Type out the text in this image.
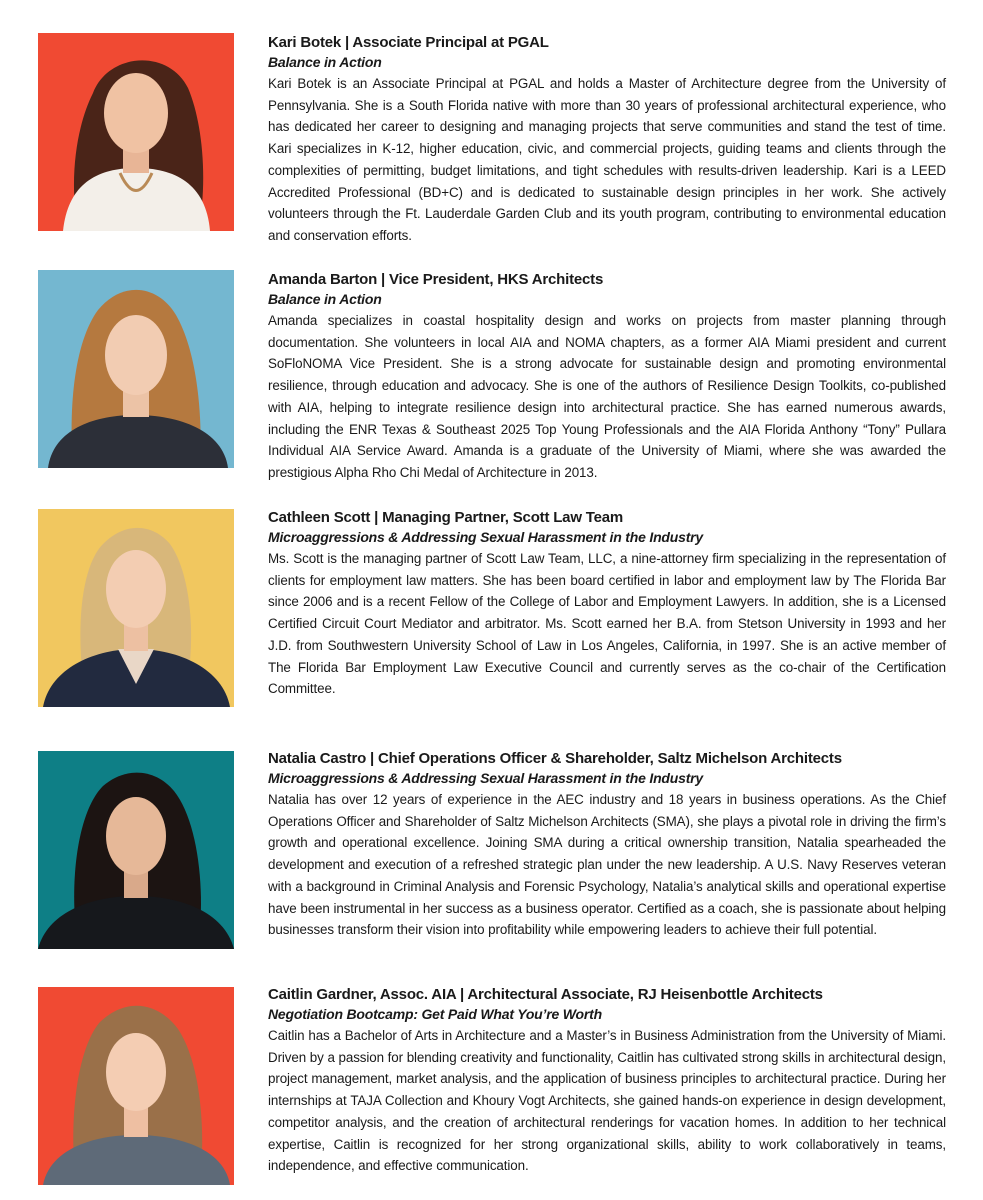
Kari Botek | Associate Principal at PGAL

Balance in Action

Kari Botek is an Associate Principal at PGAL and holds a Master of Architecture degree from the University of Pennsylvania. She is a South Florida native with more than 30 years of professional architectural experience, who has dedicated her career to designing and managing projects that serve communities and stand the test of time. Kari specializes in K-12, higher education, civic, and commercial projects, guiding teams and clients through the complexities of permitting, budget limitations, and tight schedules with results-driven leadership. Kari is a LEED Accredited Professional (BD+C) and is dedicated to sustainable design principles in her work. She actively volunteers through the Ft. Lauderdale Garden Club and its youth program, contributing to environmental education and conservation efforts.

Amanda Barton | Vice President, HKS Architects

Balance in Action

Amanda specializes in coastal hospitality design and works on projects from master planning through documentation. She volunteers in local AIA and NOMA chapters, as a former AIA Miami president and current SoFloNOMA Vice President. She is a strong advocate for sustainable design and promoting environmental resilience, through education and advocacy. She is one of the authors of Resilience Design Toolkits, co-published with AIA, helping to integrate resilience design into architectural practice. She has earned numerous awards, including the ENR Texas & Southeast 2025 Top Young Professionals and the AIA Florida Anthony “Tony” Pullara Individual AIA Service Award. Amanda is a graduate of the University of Miami, where she was awarded the prestigious Alpha Rho Chi Medal of Architecture in 2013.

Cathleen Scott | Managing Partner, Scott Law Team

Microaggressions & Addressing Sexual Harassment in the Industry

Ms. Scott is the managing partner of Scott Law Team, LLC, a nine-attorney firm specializing in the representation of clients for employment law matters. She has been board certified in labor and employment law by The Florida Bar since 2006 and is a recent Fellow of the College of Labor and Employment Lawyers. In addition, she is a Licensed Certified Circuit Court Mediator and arbitrator. Ms. Scott earned her B.A. from Stetson University in 1993 and her J.D. from Southwestern University School of Law in Los Angeles, California, in 1997. She is an active member of The Florida Bar Employment Law Executive Council and currently serves as the co-chair of the Certification Committee.

Natalia Castro | Chief Operations Officer & Shareholder, Saltz Michelson Architects

Microaggressions & Addressing Sexual Harassment in the Industry

Natalia has over 12 years of experience in the AEC industry and 18 years in business operations. As the Chief Operations Officer and Shareholder of Saltz Michelson Architects (SMA), she plays a pivotal role in driving the firm’s growth and operational excellence. Joining SMA during a critical ownership transition, Natalia spearheaded the development and execution of a refreshed strategic plan under the new leadership. A U.S. Navy Reserves veteran with a background in Criminal Analysis and Forensic Psychology, Natalia’s analytical skills and operational expertise have been instrumental in her success as a business operator. Certified as a coach, she is passionate about helping businesses transform their vision into profitability while empowering leaders to achieve their full potential.

Caitlin Gardner, Assoc. AIA | Architectural Associate, RJ Heisenbottle Architects

Negotiation Bootcamp: Get Paid What You’re Worth

Caitlin has a Bachelor of Arts in Architecture and a Master’s in Business Administration from the University of Miami. Driven by a passion for blending creativity and functionality, Caitlin has cultivated strong skills in architectural design, project management, market analysis, and the application of business principles to architectural practice. During her internships at TAJA Collection and Khoury Vogt Architects, she gained hands-on experience in design development, competitor analysis, and the creation of architectural renderings for vacation homes. In addition to her technical expertise, Caitlin is recognized for her strong organizational skills, ability to work collaboratively in teams, independence, and effective communication.
